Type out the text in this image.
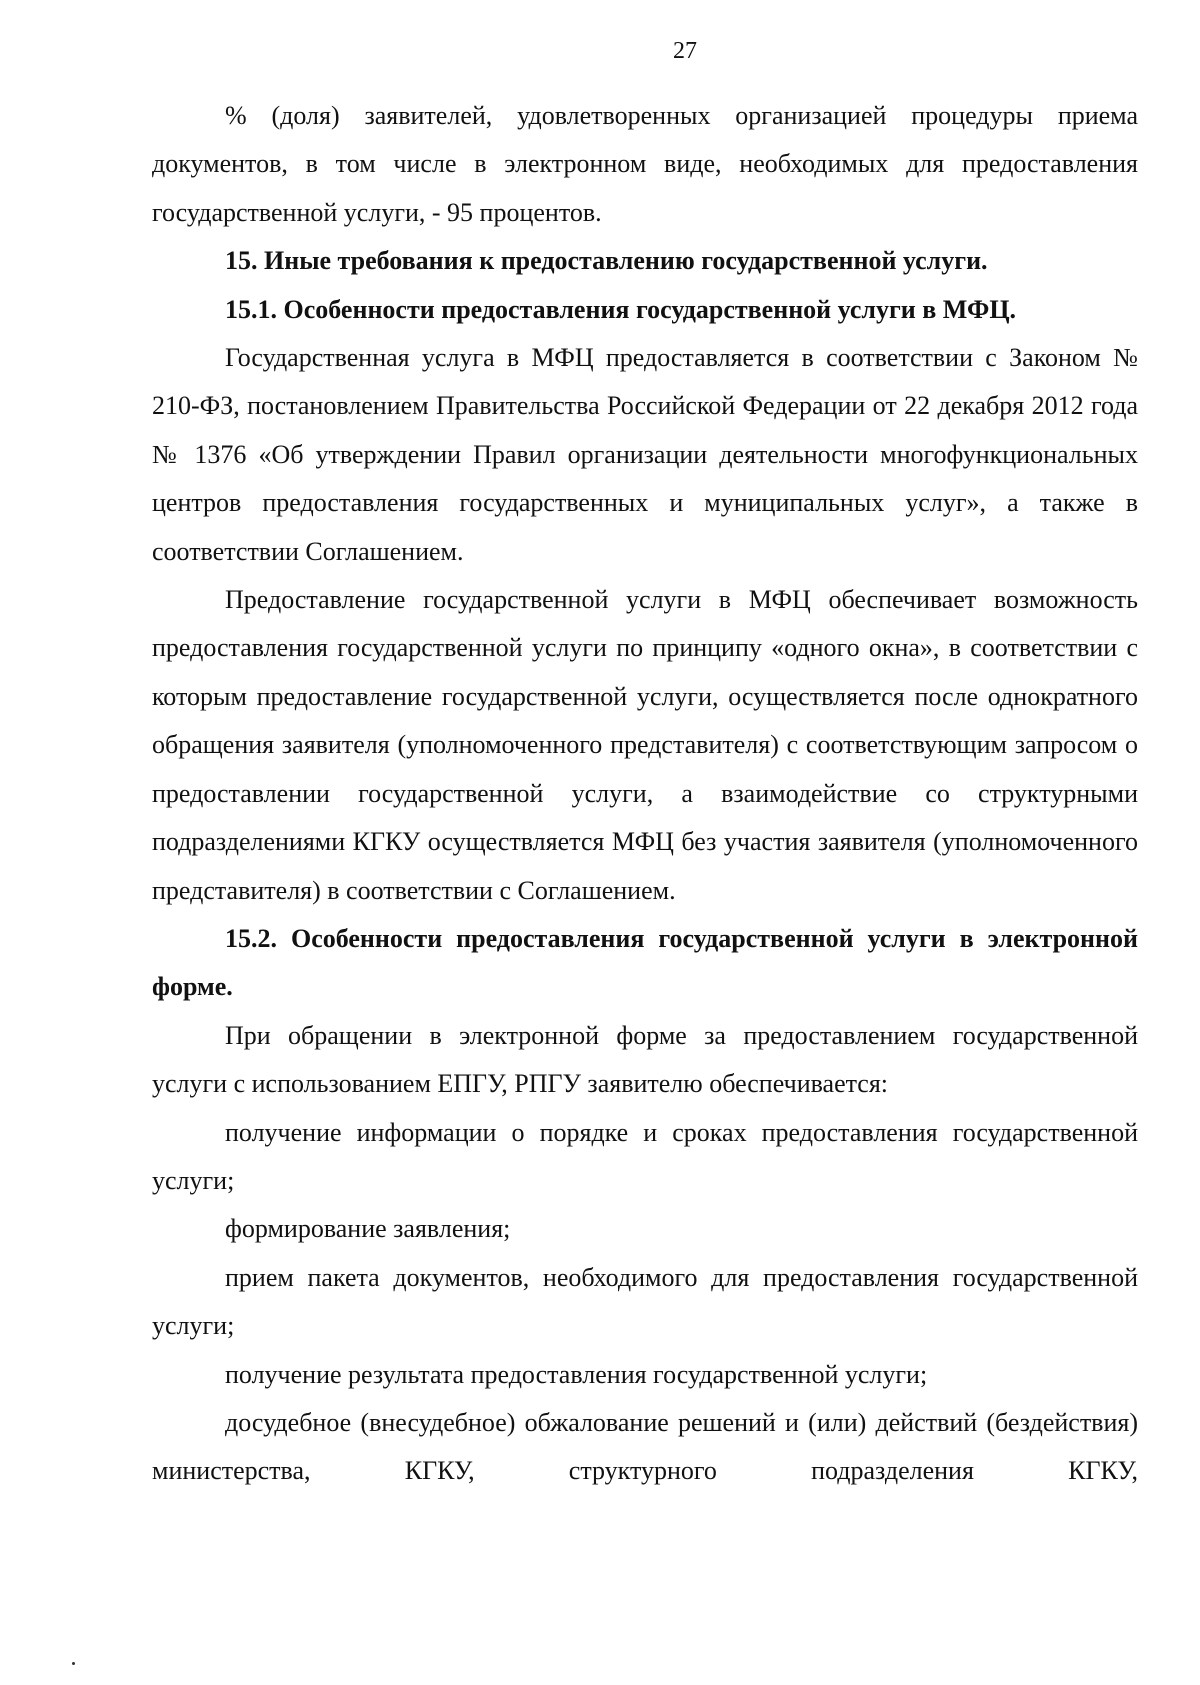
27

% (доля) заявителей, удовлетворенных организацией процедуры приема документов, в том числе в электронном виде, необходимых для предоставления государственной услуги, - 95 процентов.

15. Иные требования к предоставлению государственной услуги.

15.1. Особенности предоставления государственной услуги в МФЦ.

Государственная услуга в МФЦ предоставляется в соответствии с Законом № 210-ФЗ, постановлением Правительства Российской Федерации от 22 декабря 2012 года № 1376 «Об утверждении Правил организации деятельности многофункциональных центров предоставления государственных и муниципальных услуг», а также в соответствии Соглашением.

Предоставление государственной услуги в МФЦ обеспечивает возможность предоставления государственной услуги по принципу «одного окна», в соответствии с которым предоставление государственной услуги, осуществляется после однократного обращения заявителя (уполномоченного представителя) с соответствующим запросом о предоставлении государственной услуги, а взаимодействие со структурными подразделениями КГКУ осуществляется МФЦ без участия заявителя (уполномоченного представителя) в соответствии с Соглашением.

15.2. Особенности предоставления государственной услуги в электронной форме.

При обращении в электронной форме за предоставлением государственной услуги с использованием ЕПГУ, РПГУ заявителю обеспечивается:

получение информации о порядке и сроках предоставления государственной услуги;

формирование заявления;

прием пакета документов, необходимого для предоставления государственной услуги;

получение результата предоставления государственной услуги;

досудебное (внесудебное) обжалование решений и (или) действий (бездействия) министерства, КГКУ, структурного подразделения КГКУ,
